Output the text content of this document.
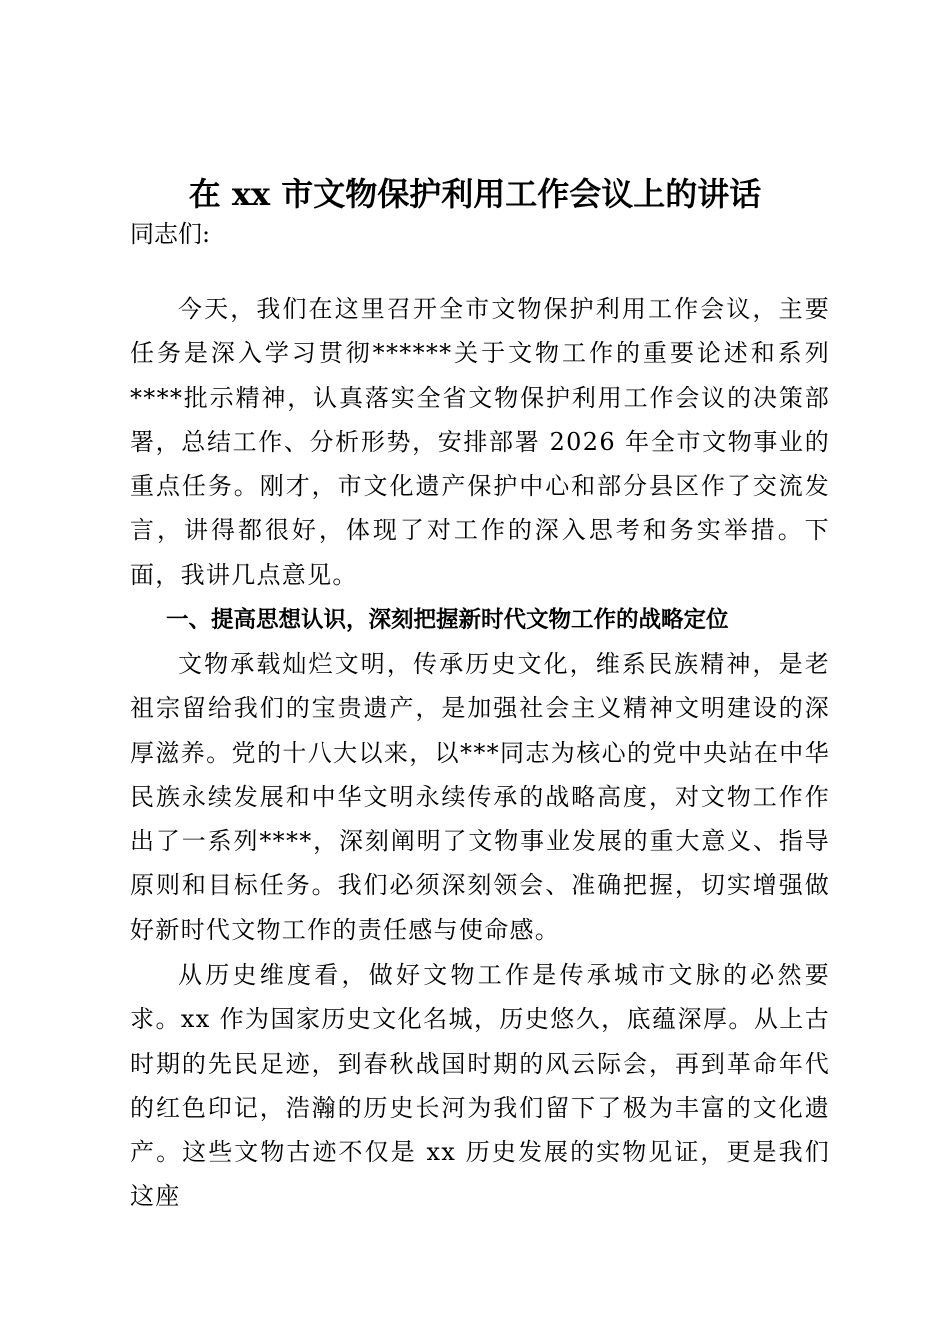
在 xx 市文物保护利用工作会议上的讲话

同志们:

今天，我们在这里召开全市文物保护利用工作会议，主要任务是深入学习贯彻******关于文物工作的重要论述和系列****批示精神，认真落实全省文物保护利用工作会议的决策部署，总结工作、分析形势，安排部署 2026 年全市文物事业的重点任务。刚才，市文化遗产保护中心和部分县区作了交流发言，讲得都很好，体现了对工作的深入思考和务实举措。下面，我讲几点意见。

一、提高思想认识，深刻把握新时代文物工作的战略定位

文物承载灿烂文明，传承历史文化，维系民族精神，是老祖宗留给我们的宝贵遗产，是加强社会主义精神文明建设的深厚滋养。党的十八大以来，以***同志为核心的党中央站在中华民族永续发展和中华文明永续传承的战略高度，对文物工作作出了一系列****，深刻阐明了文物事业发展的重大意义、指导原则和目标任务。我们必须深刻领会、准确把握，切实增强做好新时代文物工作的责任感与使命感。

从历史维度看，做好文物工作是传承城市文脉的必然要求。xx 作为国家历史文化名城，历史悠久，底蕴深厚。从上古时期的先民足迹，到春秋战国时期的风云际会，再到革命年代的红色印记，浩瀚的历史长河为我们留下了极为丰富的文化遗产。这些文物古迹不仅是 xx 历史发展的实物见证，更是我们这座
